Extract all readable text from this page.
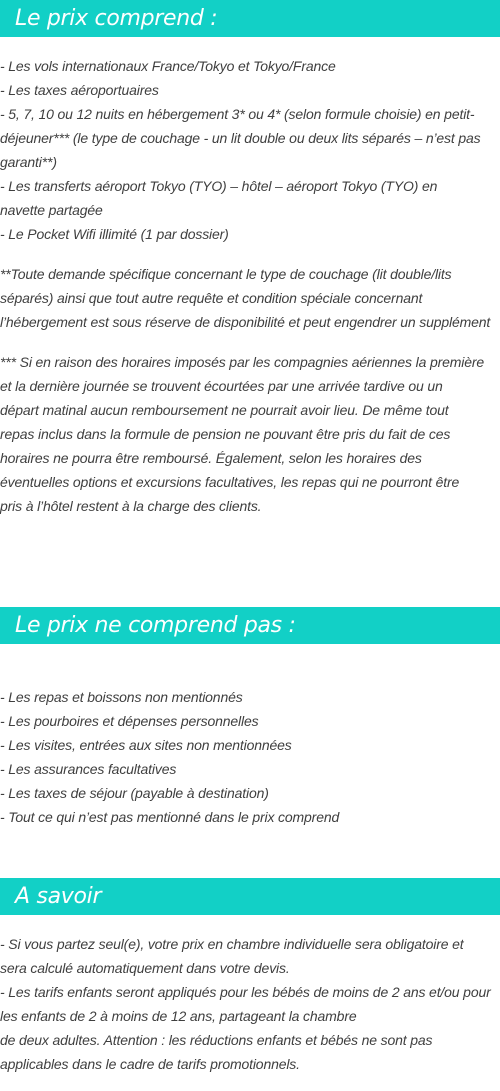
Le prix comprend :
- Les vols internationaux France/Tokyo et Tokyo/France
- Les taxes aéroportuaires
- 5, 7, 10 ou 12 nuits en hébergement 3* ou 4* (selon formule choisie) en petit-
déjeuner*** (le type de couchage - un lit double ou deux lits séparés – n’est pas
garanti**)
- Les transferts aéroport Tokyo (TYO) – hôtel – aéroport Tokyo (TYO) en
navette partagée
- Le Pocket Wifi illimité (1 par dossier)
**Toute demande spécifique concernant le type de couchage (lit double/lits
séparés) ainsi que tout autre requête et condition spéciale concernant
l’hébergement est sous réserve de disponibilité et peut engendrer un supplément
*** Si en raison des horaires imposés par les compagnies aériennes la première
et la dernière journée se trouvent écourtées par une arrivée tardive ou un
départ matinal aucun remboursement ne pourrait avoir lieu. De même tout
repas inclus dans la formule de pension ne pouvant être pris du fait de ces
horaires ne pourra être remboursé. Également, selon les horaires des
éventuelles options et excursions facultatives, les repas qui ne pourront être
pris à l’hôtel restent à la charge des clients.
Le prix ne comprend pas :
- Les repas et boissons non mentionnés
- Les pourboires et dépenses personnelles
- Les visites, entrées aux sites non mentionnées
- Les assurances facultatives
- Les taxes de séjour (payable à destination)
- Tout ce qui n’est pas mentionné dans le prix comprend
A savoir
- Si vous partez seul(e), votre prix en chambre individuelle sera obligatoire et
sera calculé automatiquement dans votre devis.
- Les tarifs enfants seront appliqués pour les bébés de moins de 2 ans et/ou pour
les enfants de 2 à moins de 12 ans, partageant la chambre
de deux adultes. Attention : les réductions enfants et bébés ne sont pas
applicables dans le cadre de tarifs promotionnels.
